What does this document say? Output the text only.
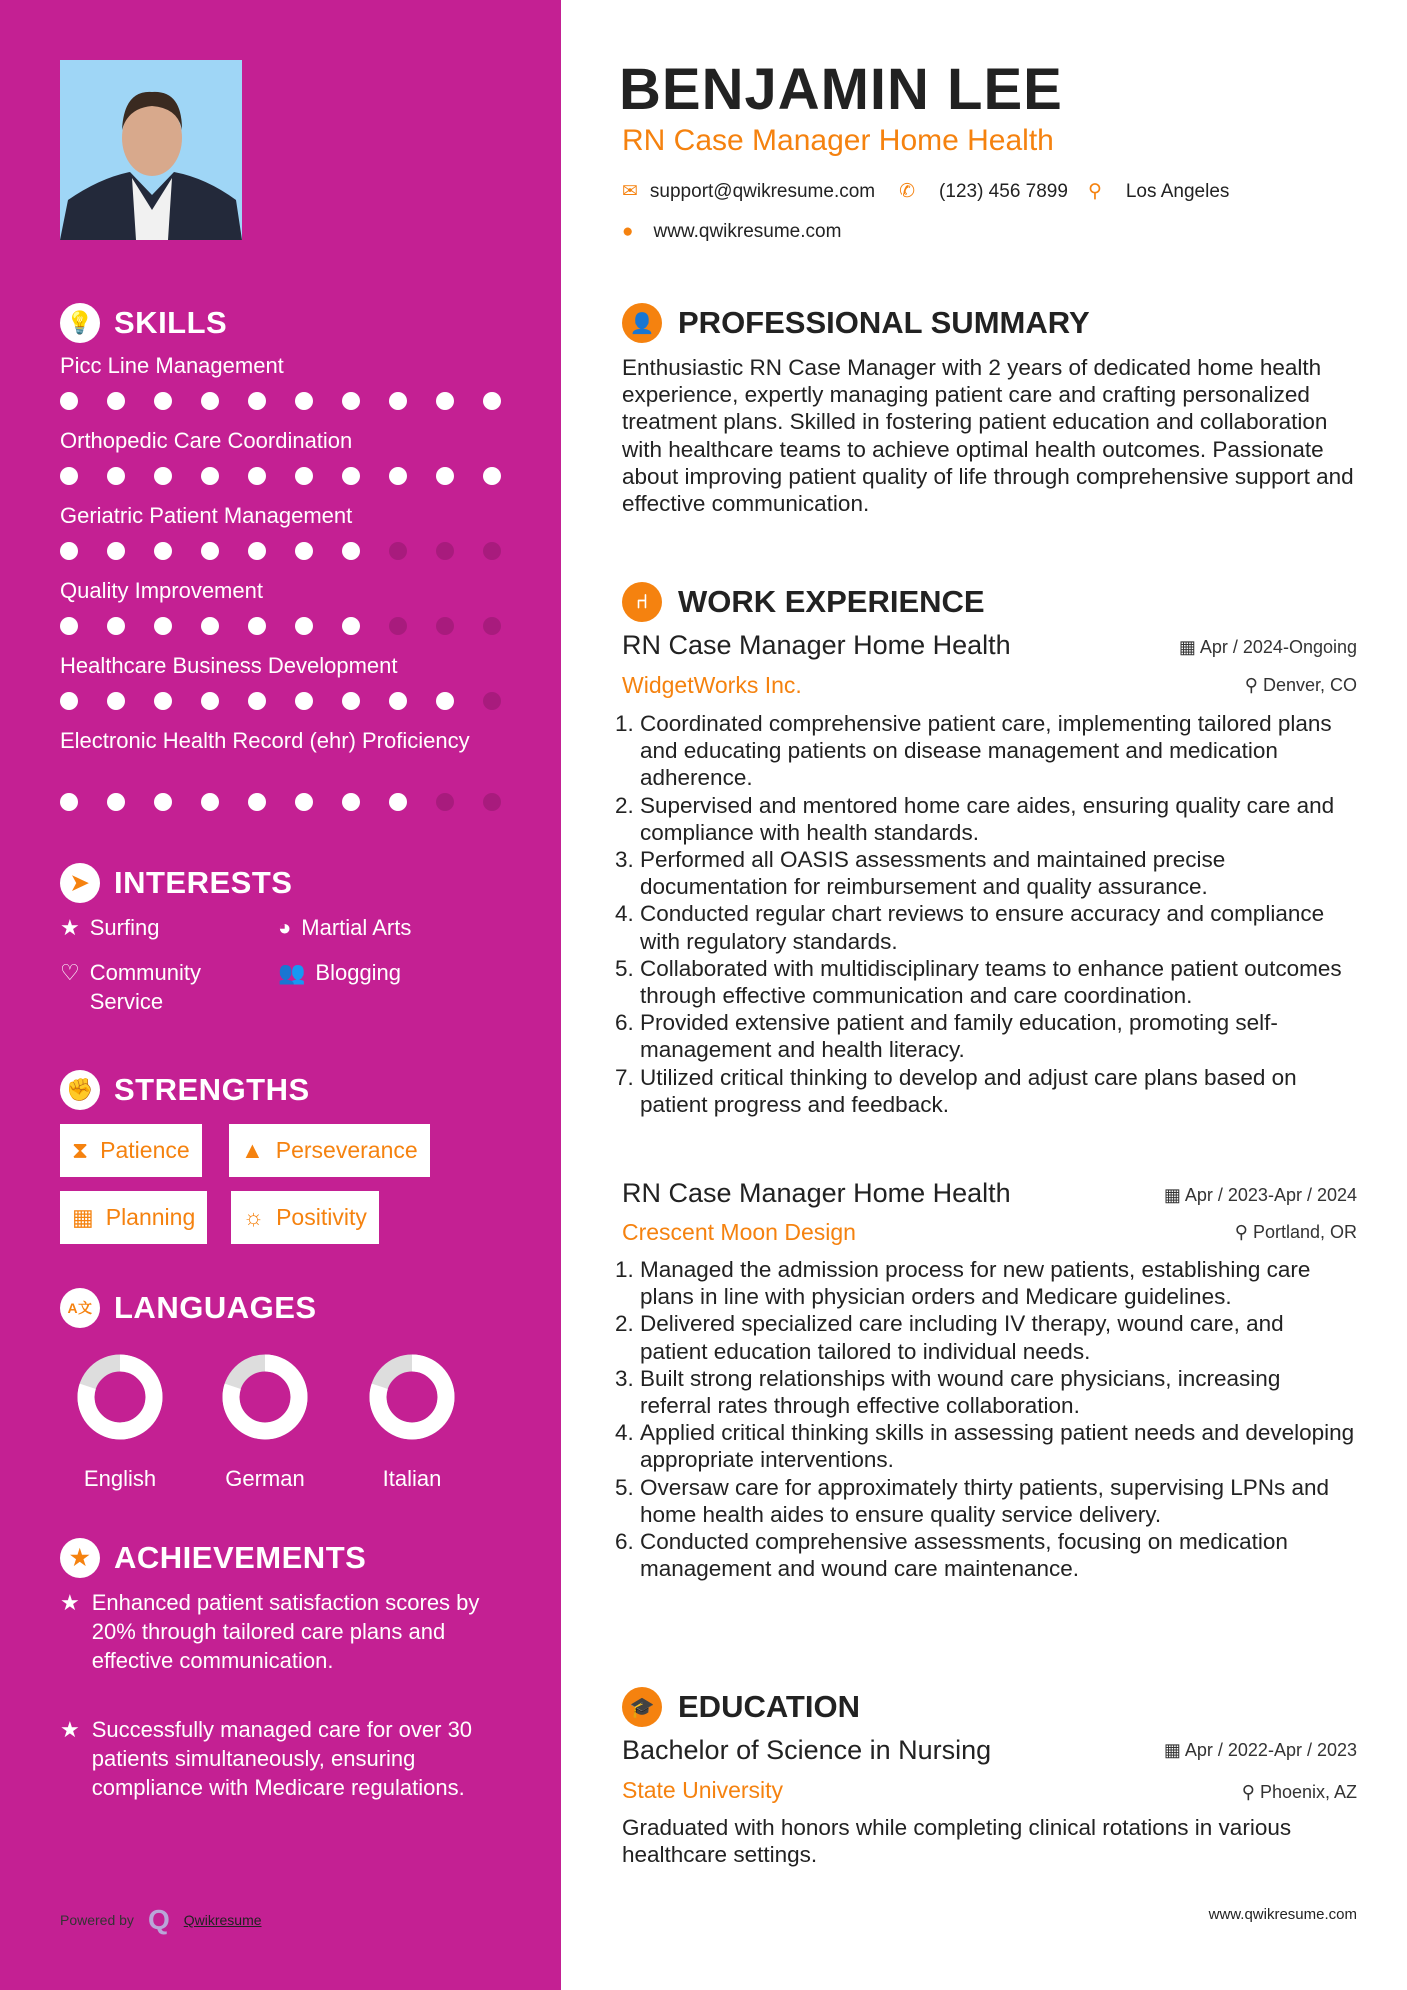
💡 SKILLS
Picc Line Management
Orthopedic Care Coordination
Geriatric Patient Management
Quality Improvement
Healthcare Business Development
Electronic Health Record (ehr) Proficiency
➤ INTERESTS
★ Surfing	◕ Martial Arts
♡ Community Service
👥 Blogging
✊ STRENGTHS
⧗ Patience ▲ Perseverance
▦ Planning ☼ Positivity
A文 LANGUAGES
English	German	Italian
★ ACHIEVEMENTS
★ Enhanced patient satisfaction scores by 20% through tailored care plans and effective communication.
★ Successfully managed care for over 30 patients simultaneously, ensuring compliance with Medicare regulations.
Powered by Q Qwikresume
BENJAMIN LEE
RN Case Manager Home Health
✉ support@qwikresume.com ✆ (123) 456 7899 ⚲ Los Angeles
● www.qwikresume.com
👤 PROFESSIONAL SUMMARY
Enthusiastic RN Case Manager with 2 years of dedicated home health experience, expertly managing patient care and crafting personalized treatment plans. Skilled in fostering patient education and collaboration with healthcare teams to achieve optimal health outcomes. Passionate about improving patient quality of life through comprehensive support and effective communication.
⑁ WORK EXPERIENCE
RN Case Manager Home Health	▦ Apr / 2024-Ongoing
WidgetWorks Inc.	⚲ Denver, CO
1. Coordinated comprehensive patient care, implementing tailored plans and educating patients on disease management and medication adherence.
2. Supervised and mentored home care aides, ensuring quality care and compliance with health standards.
3. Performed all OASIS assessments and maintained precise documentation for reimbursement and quality assurance.
4. Conducted regular chart reviews to ensure accuracy and compliance with regulatory standards.
5. Collaborated with multidisciplinary teams to enhance patient outcomes through effective communication and care coordination.
6. Provided extensive patient and family education, promoting self-management and health literacy.
7. Utilized critical thinking to develop and adjust care plans based on patient progress and feedback.
RN Case Manager Home Health	▦ Apr / 2023-Apr / 2024
Crescent Moon Design	⚲ Portland, OR
1. Managed the admission process for new patients, establishing care plans in line with physician orders and Medicare guidelines.
2. Delivered specialized care including IV therapy, wound care, and patient education tailored to individual needs.
3. Built strong relationships with wound care physicians, increasing referral rates through effective collaboration.
4. Applied critical thinking skills in assessing patient needs and developing appropriate interventions.
5. Oversaw care for approximately thirty patients, supervising LPNs and home health aides to ensure quality service delivery.
6. Conducted comprehensive assessments, focusing on medication management and wound care maintenance.
🎓 EDUCATION
Bachelor of Science in Nursing	▦ Apr / 2022-Apr / 2023
State University	⚲ Phoenix, AZ
Graduated with honors while completing clinical rotations in various healthcare settings.
www.qwikresume.com
